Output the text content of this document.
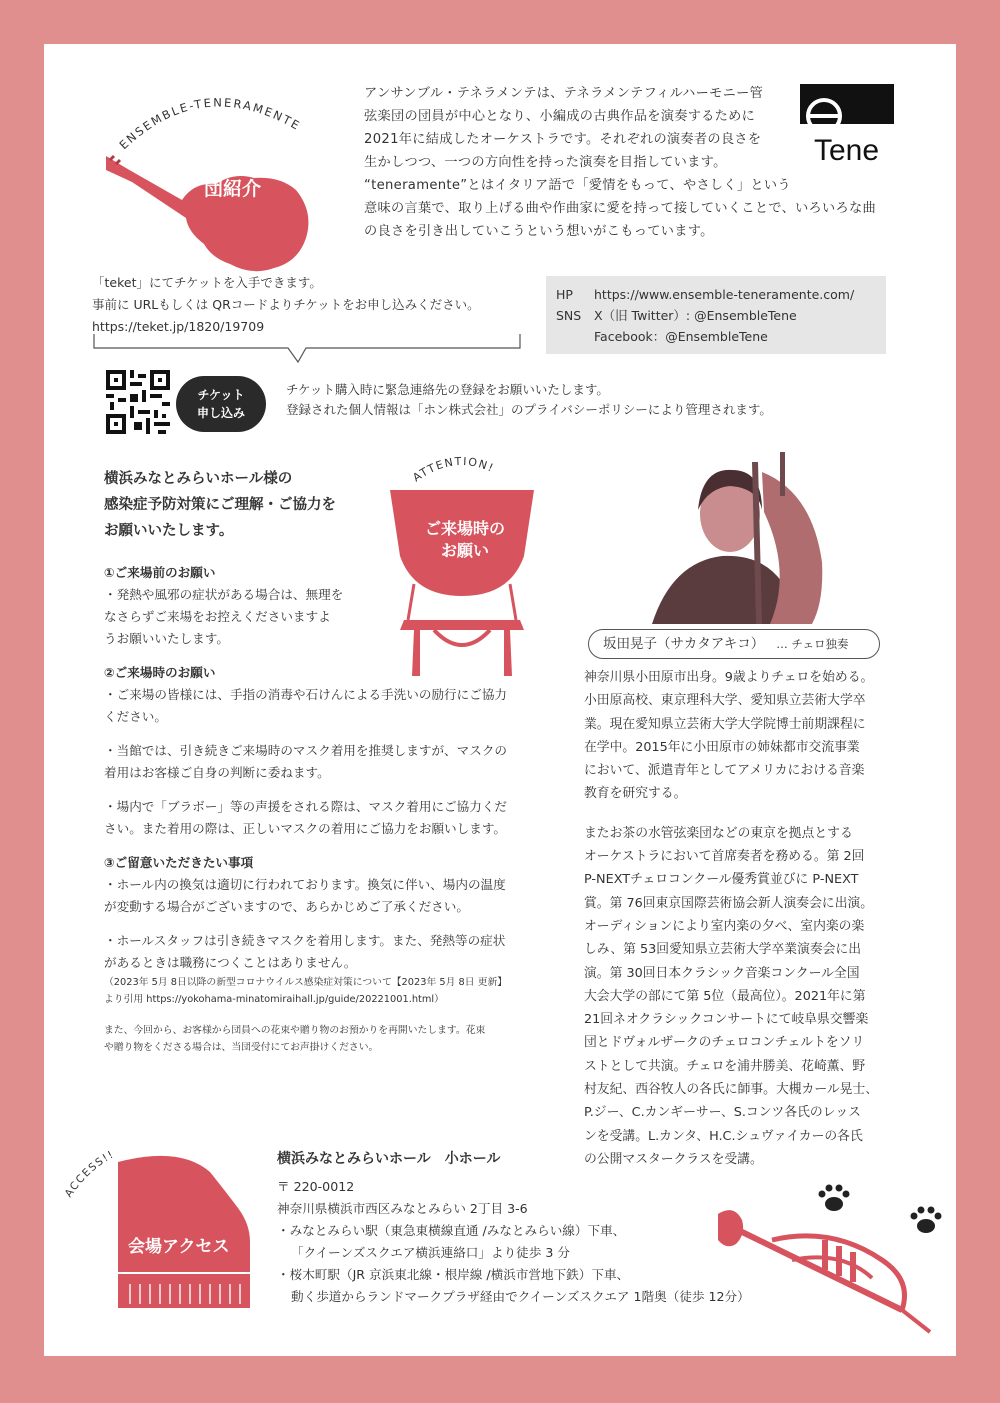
ENSEMBLE-TENERAMENTE
団紹介
アンサンブル・テネラメンテは、テネラメンテフィルハーモニー管
弦楽団の団員が中心となり、小編成の古典作品を演奏するために
2021年に結成したオーケストラです。それぞれの演奏者の良さを
生かしつつ、一つの方向性を持った演奏を目指しています。
“teneramente”とはイタリア語で「愛情をもって、やさしく」という
意味の言葉で、取り上げる曲や作曲家に愛を持って接していくことで、いろいろな曲
の良さを引き出していこうという想いがこもっています。
Tene
「teket」にてチケットを入手できます。
事前に URLもしくは QRコードよりチケットをお申し込みください。
https://teket.jp/1820/19709
HP https://www.ensemble-teneramente.com/
SNS X（旧 Twitter）: @EnsembleTene
Facebook：@EnsembleTene
チケット
申し込み
チケット購入時に緊急連絡先の登録をお願いいたします。
登録された個人情報は「ホン株式会社」のプライバシーポリシーにより管理されます。
横浜みなとみらいホール様の
感染症予防対策にご理解・ご協力を
お願いいたします。
ATTENTION!
ご来場時の
お願い
①ご来場前のお願い
・発熱や風邪の症状がある場合は、無理を
なさらずご来場をお控えくださいますよ
うお願いいたします。
②ご来場時のお願い
・ご来場の皆様には、手指の消毒や石けんによる手洗いの励行にご協力
ください。
・当館では、引き続きご来場時のマスク着用を推奨しますが、マスクの
着用はお客様ご自身の判断に委ねます。
・場内で「ブラボー」等の声援をされる際は、マスク着用にご協力くだ
さい。また着用の際は、正しいマスクの着用にご協力をお願いします。
③ご留意いただきたい事項
・ホール内の換気は適切に行われております。換気に伴い、場内の温度
が変動する場合がございますので、あらかじめご了承ください。
・ホールスタッフは引き続きマスクを着用します。また、発熱等の症状
があるときは職務につくことはありません。
（2023年 5月 8日以降の新型コロナウイルス感染症対策について【2023年 5月 8日 更新】
より引用 https://yokohama-minatomiraihall.jp/guide/20221001.html）
また、今回から、お客様から団員への花束や贈り物のお預かりを再開いたします。花束
や贈り物をくださる場合は、当団受付にてお声掛けください。
坂田晃子（サカタアキコ） … チェロ独奏
神奈川県小田原市出身。9歳よりチェロを始める。
小田原高校、東京理科大学、愛知県立芸術大学卒
業。現在愛知県立芸術大学大学院博士前期課程に
在学中。2015年に小田原市の姉妹都市交流事業
において、派遣青年としてアメリカにおける音楽
教育を研究する。
またお茶の水管弦楽団などの東京を拠点とする
オーケストラにおいて首席奏者を務める。第 2回
P-NEXTチェロコンクール優秀賞並びに P-NEXT
賞。第 76回東京国際芸術協会新人演奏会に出演。
オーディションにより室内楽の夕べ、室内楽の楽
しみ、第 53回愛知県立芸術大学卒業演奏会に出
演。第 30回日本クラシック音楽コンクール全国
大会大学の部にて第 5位（最高位）。2021年に第
21回ネオクラシックコンサートにて岐阜県交響楽
団とドヴォルザークのチェロコンチェルトをソリ
ストとして共演。チェロを浦井勝美、花崎薫、野
村友紀、西谷牧人の各氏に師事。大槻カール晃士、
P.ジー、C.カンギーサー、S.コンツ各氏のレッス
ンを受講。L.カンタ、H.C.シュヴァイカーの各氏
の公開マスタークラスを受講。
ACCESS!!
会場アクセス
横浜みなとみらいホール　小ホール
〒 220-0012
神奈川県横浜市西区みなとみらい 2丁目 3-6
・みなとみらい駅（東急東横線直通 /みなとみらい線）下車、
「クイーンズスクエア横浜連絡口」より徒歩 3 分
・桜木町駅（JR 京浜東北線・根岸線 /横浜市営地下鉄）下車、
動く歩道からランドマークプラザ経由でクイーンズスクエア 1階奥（徒歩 12分）
